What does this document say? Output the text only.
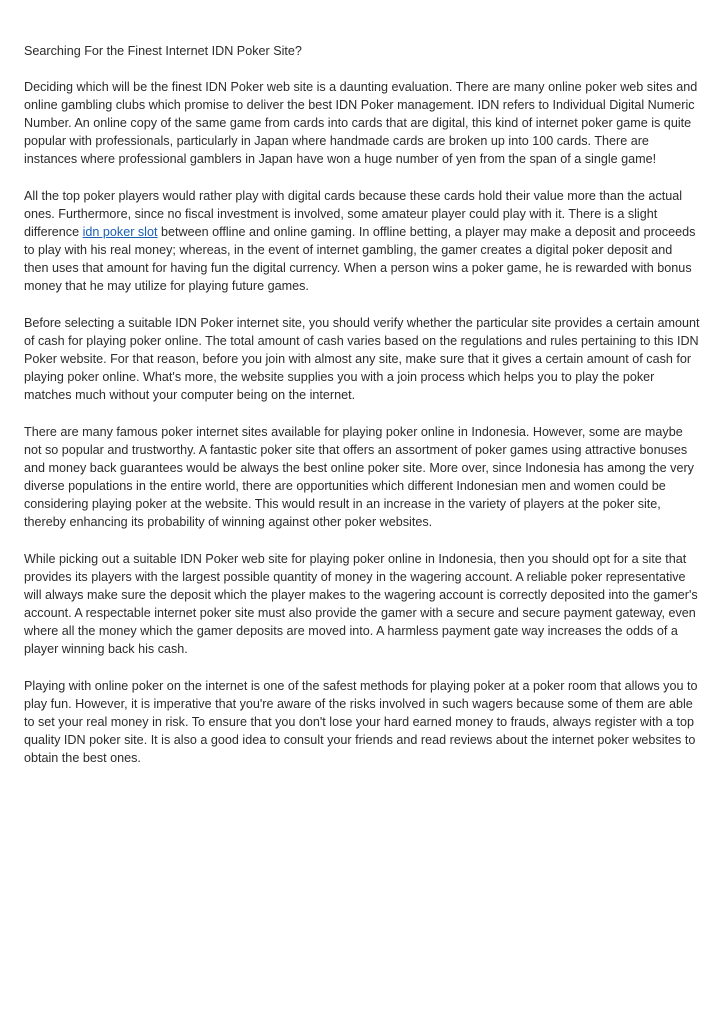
Searching For the Finest Internet IDN Poker Site?

Deciding which will be the finest IDN Poker web site is a daunting evaluation. There are many online poker web sites and online gambling clubs which promise to deliver the best IDN Poker management. IDN refers to Individual Digital Numeric Number. An online copy of the same game from cards into cards that are digital, this kind of internet poker game is quite popular with professionals, particularly in Japan where handmade cards are broken up into 100 cards. There are instances where professional gamblers in Japan have won a huge number of yen from the span of a single game!

All the top poker players would rather play with digital cards because these cards hold their value more than the actual ones. Furthermore, since no fiscal investment is involved, some amateur player could play with it. There is a slight difference idn poker slot between offline and online gaming. In offline betting, a player may make a deposit and proceeds to play with his real money; whereas, in the event of internet gambling, the gamer creates a digital poker deposit and then uses that amount for having fun the digital currency. When a person wins a poker game, he is rewarded with bonus money that he may utilize for playing future games.

Before selecting a suitable IDN Poker internet site, you should verify whether the particular site provides a certain amount of cash for playing poker online. The total amount of cash varies based on the regulations and rules pertaining to this IDN Poker website. For that reason, before you join with almost any site, make sure that it gives a certain amount of cash for playing poker online. What's more, the website supplies you with a join process which helps you to play the poker matches much without your computer being on the internet.

There are many famous poker internet sites available for playing poker online in Indonesia. However, some are maybe not so popular and trustworthy. A fantastic poker site that offers an assortment of poker games using attractive bonuses and money back guarantees would be always the best online poker site. More over, since Indonesia has among the very diverse populations in the entire world, there are opportunities which different Indonesian men and women could be considering playing poker at the website. This would result in an increase in the variety of players at the poker site, thereby enhancing its probability of winning against other poker websites.

While picking out a suitable IDN Poker web site for playing poker online in Indonesia, then you should opt for a site that provides its players with the largest possible quantity of money in the wagering account. A reliable poker representative will always make sure the deposit which the player makes to the wagering account is correctly deposited into the gamer's account. A respectable internet poker site must also provide the gamer with a secure and secure payment gateway, even where all the money which the gamer deposits are moved into. A harmless payment gate way increases the odds of a player winning back his cash.

Playing with online poker on the internet is one of the safest methods for playing poker at a poker room that allows you to play fun. However, it is imperative that you're aware of the risks involved in such wagers because some of them are able to set your real money in risk. To ensure that you don't lose your hard earned money to frauds, always register with a top quality IDN poker site. It is also a good idea to consult your friends and read reviews about the internet poker websites to obtain the best ones.
